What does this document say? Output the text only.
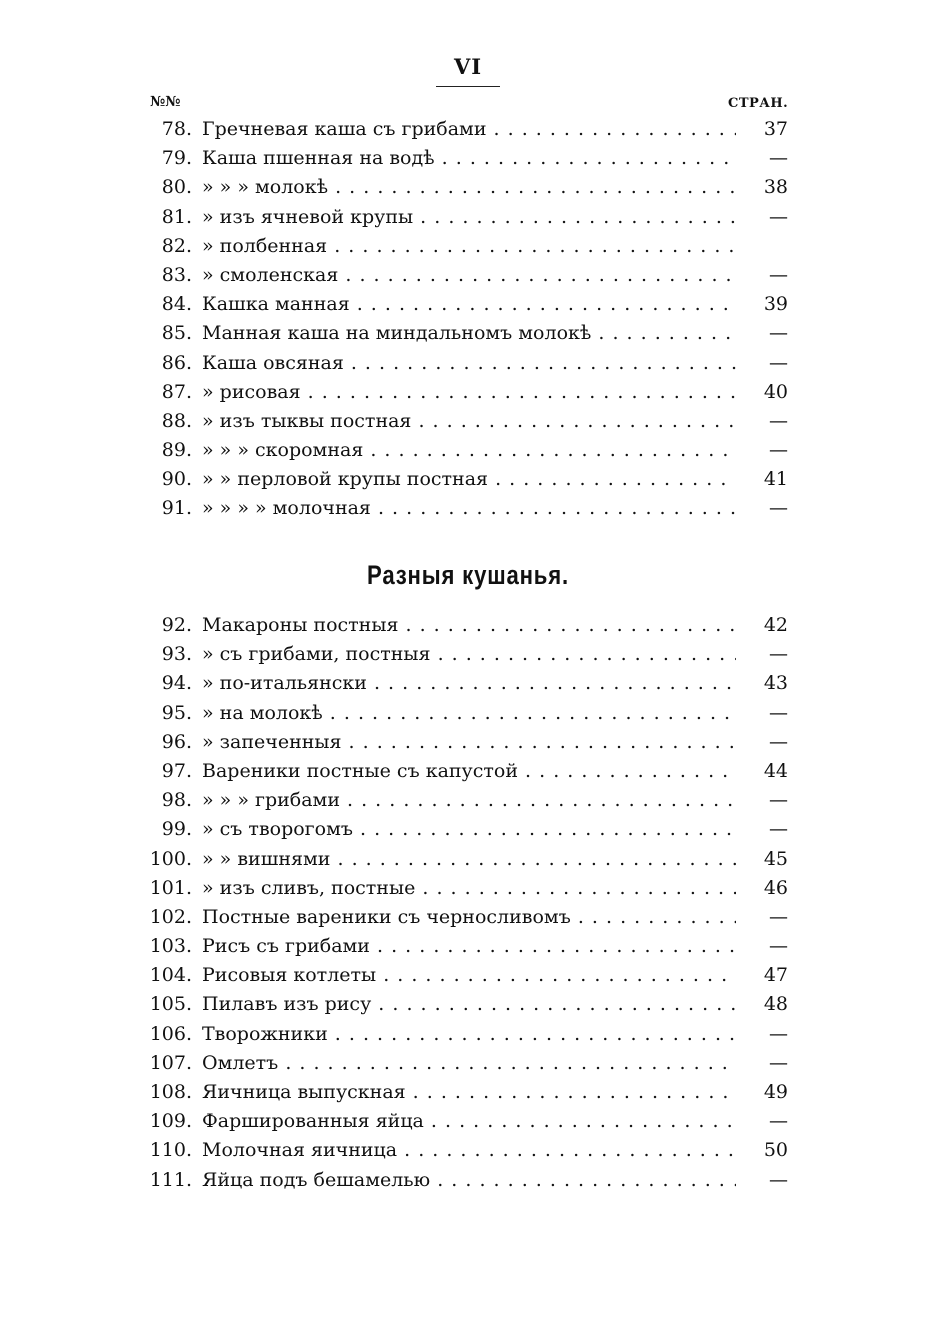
VI
№№	СТРАН.
78. Гречневая каша съ грибами . . .	37
79. Каша пшенная на водѣ . . .	—
80. » » » молокѣ . . .	38
81. » изъ ячневой крупы . . .	—
82. » полбенная . . .
83. » смоленская . . .	—
84. Кашка манная . . .	39
85. Манная каша на миндальномъ молокѣ . . .	—
86. Каша овсяная . . .	—
87. » рисовая . . .	40
88. » изъ тыквы постная . . .	—
89. » » » скоромная . . .	—
90. » » перловой крупы постная . . .	41
91. » » » » молочная . . .	—
Разныя кушанья.
92. Макароны постныя . . .	42
93. » съ грибами, постныя . . .	—
94. » по-итальянски . . .	43
95. » на молокѣ . . .	—
96. » запеченныя . . .	—
97. Вареники постные съ капустой . . .	44
98. » » » грибами . . .	—
99. » съ творогомъ . . .	—
100. » » вишнями . . .	45
101. » изъ сливъ, постные . . .	46
102. Постные вареники съ черносливомъ . . .	—
103. Рисъ съ грибами . . .	—
104. Рисовыя котлеты . . .	47
105. Пилавъ изъ рису . . .	48
106. Творожники . . .	—
107. Омлетъ . . .	—
108. Яичница выпускная . . .	49
109. Фаршированныя яйца . . .	—
110. Молочная яичница . . .	50
111. Яйца подъ бешамелью . . .	—
